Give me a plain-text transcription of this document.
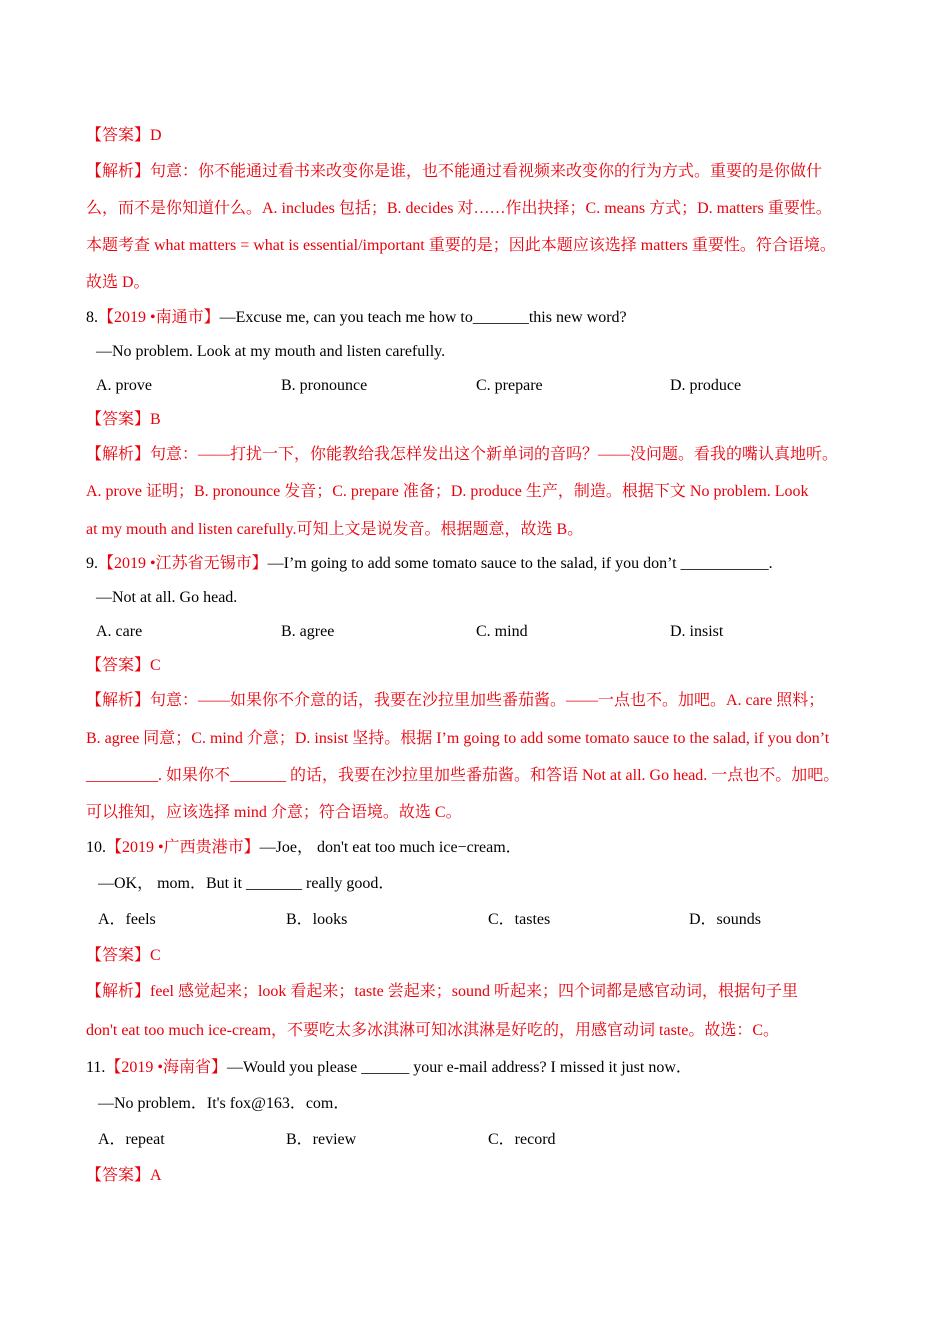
【答案】D
【解析】句意：你不能通过看书来改变你是谁，也不能通过看视频来改变你的行为方式。重要的是你做什
么，而不是你知道什么。A. includes 包括；B. decides 对……作出抉择；C. means 方式；D. matters 重要性。
本题考查 what matters = what is essential/important 重要的是；因此本题应该选择 matters 重要性。符合语境。
故选 D。
8.【2019 •南通市】—Excuse me, can you teach me how to_______this new word?
—No problem. Look at my mouth and listen carefully.
A. prove	B. pronounce	C. prepare	D. produce
【答案】B
【解析】句意：——打扰一下，你能教给我怎样发出这个新单词的音吗？——没问题。看我的嘴认真地听。
A. prove 证明；B. pronounce 发音；C. prepare 准备；D. produce 生产，制造。根据下文 No problem. Look
at my mouth and listen carefully.可知上文是说发音。根据题意，故选 B。
9.【2019 •江苏省无锡市】—I’m going to add some tomato sauce to the salad, if you don’t ___________.
—Not at all. Go head.
A. care	B. agree	C. mind	D. insist
【答案】C
【解析】句意：——如果你不介意的话，我要在沙拉里加些番茄酱。——一点也不。加吧。A. care 照料；
B. agree 同意；C. mind 介意；D. insist 坚持。根据 I’m going to add some tomato sauce to the salad, if you don’t
_________. 如果你不_______ 的话，我要在沙拉里加些番茄酱。和答语 Not at all. Go head. 一点也不。加吧。
可以推知，应该选择 mind 介意；符合语境。故选 C。
10.【2019 •广西贵港市】—Joe， don't eat too much ice−cream．
—OK， mom．But it _______ really good．
A．feels	B．looks	C．tastes	D．sounds
【答案】C
【解析】feel 感觉起来；look 看起来；taste 尝起来；sound 听起来；四个词都是感官动词，根据句子里
don't eat too much ice-cream，不要吃太多冰淇淋可知冰淇淋是好吃的，用感官动词 taste。故选：C。
11.【2019 •海南省】—Would you please ______ your e-mail address? I missed it just now．
—No problem．It's fox@163．com．
A．repeat	B．review	C．record
【答案】A
